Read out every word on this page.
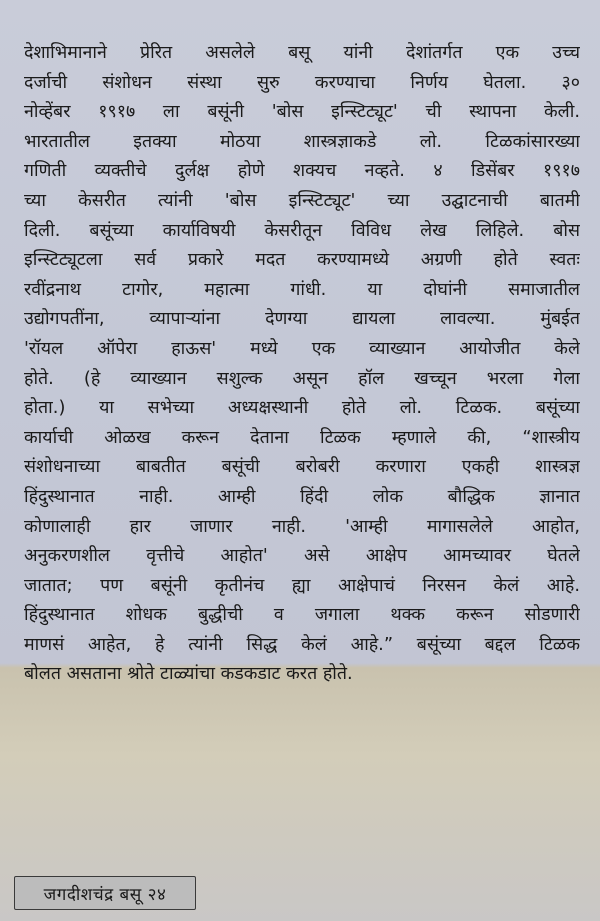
देशाभिमानाने प्रेरित असलेले बसू यांनी देशांतर्गत एक उच्च
दर्जाची संशोधन संस्था सुरु करण्याचा निर्णय घेतला. ३०
नोव्हेंबर १९१७ ला बसूंनी 'बोस इन्स्टिट्यूट' ची स्थापना केली.
भारतातील इतक्या मोठया शास्त्रज्ञाकडे लो. टिळकांसारख्या
गणिती व्यक्तीचे दुर्लक्ष होणे शक्यच नव्हते. ४ डिसेंबर १९१७
च्या केसरीत त्यांनी 'बोस इन्स्टिट्यूट' च्या उद्घाटनाची बातमी
दिली. बसूंच्या कार्याविषयी केसरीतून विविध लेख लिहिले. बोस
इन्स्टिट्यूटला सर्व प्रकारे मदत करण्यामध्ये अग्रणी होते स्वतः
रवींद्रनाथ टागोर, महात्मा गांधी. या दोघांनी समाजातील
उद्योगपतींना, व्यापाऱ्यांना देणग्या द्यायला लावल्या. मुंबईत
'रॉयल ऑपेरा हाऊस' मध्ये एक व्याख्यान आयोजीत केले
होते. (हे व्याख्यान सशुल्क असून हॉल खच्चून भरला गेला
होता.) या सभेच्या अध्यक्षस्थानी होते लो. टिळक. बसूंच्या
कार्याची ओळख करून देताना टिळक म्हणाले की, “शास्त्रीय
संशोधनाच्या बाबतीत बसूंची बरोबरी करणारा एकही शास्त्रज्ञ
हिंदुस्थानात नाही. आम्ही हिंदी लोक बौद्धिक ज्ञानात
कोणालाही हार जाणार नाही. 'आम्ही मागासलेले आहोत,
अनुकरणशील वृत्तीचे आहोत' असे आक्षेप आमच्यावर घेतले
जातात; पण बसूंनी कृतीनंच ह्या आक्षेपाचं निरसन केलं आहे.
हिंदुस्थानात शोधक बुद्धीची व जगाला थक्क करून सोडणारी
माणसं आहेत, हे त्यांनी सिद्ध केलं आहे.” बसूंच्या बद्दल टिळक
बोलत असताना श्रोते टाळ्यांचा कडकडाट करत होते.
जगदीशचंद्र बसू २४
